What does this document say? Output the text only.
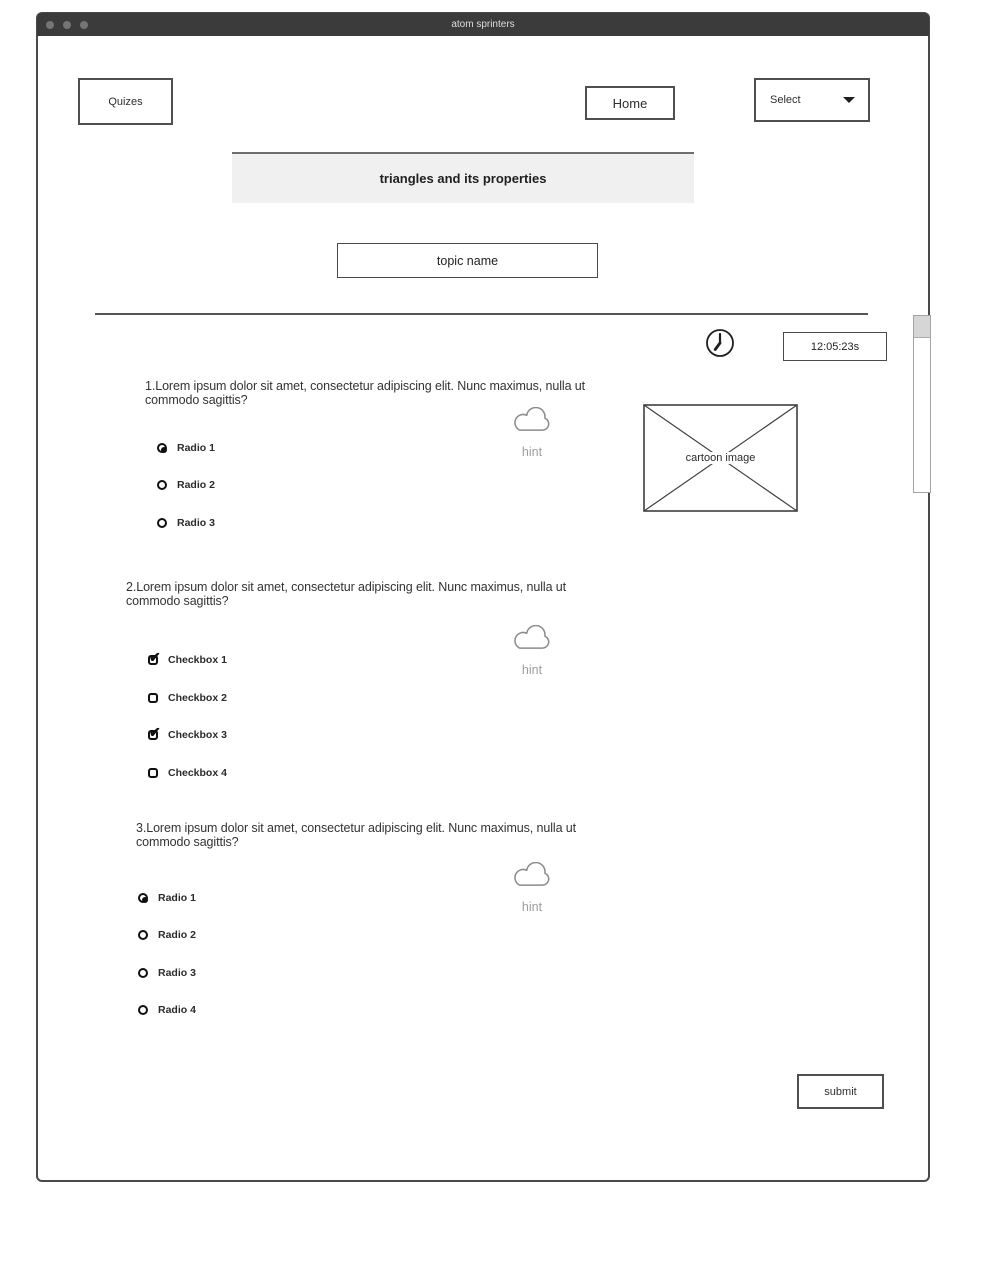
atom sprinters
Quizes	Home	Select
triangles and its properties
topic name
12:05:23s
1.Lorem ipsum dolor sit amet, consectetur adipiscing elit. Nunc maximus, nulla ut commodo sagittis?
Radio 1
Radio 2
Radio 3
hint	cartoon image
2.Lorem ipsum dolor sit amet, consectetur adipiscing elit. Nunc maximus, nulla ut commodo sagittis?
✔
Checkbox 1
Checkbox 2
✔
Checkbox 3
Checkbox 4
hint
3.Lorem ipsum dolor sit amet, consectetur adipiscing elit. Nunc maximus, nulla ut commodo sagittis?
Radio 1
Radio 2
Radio 3
Radio 4
hint
submit
